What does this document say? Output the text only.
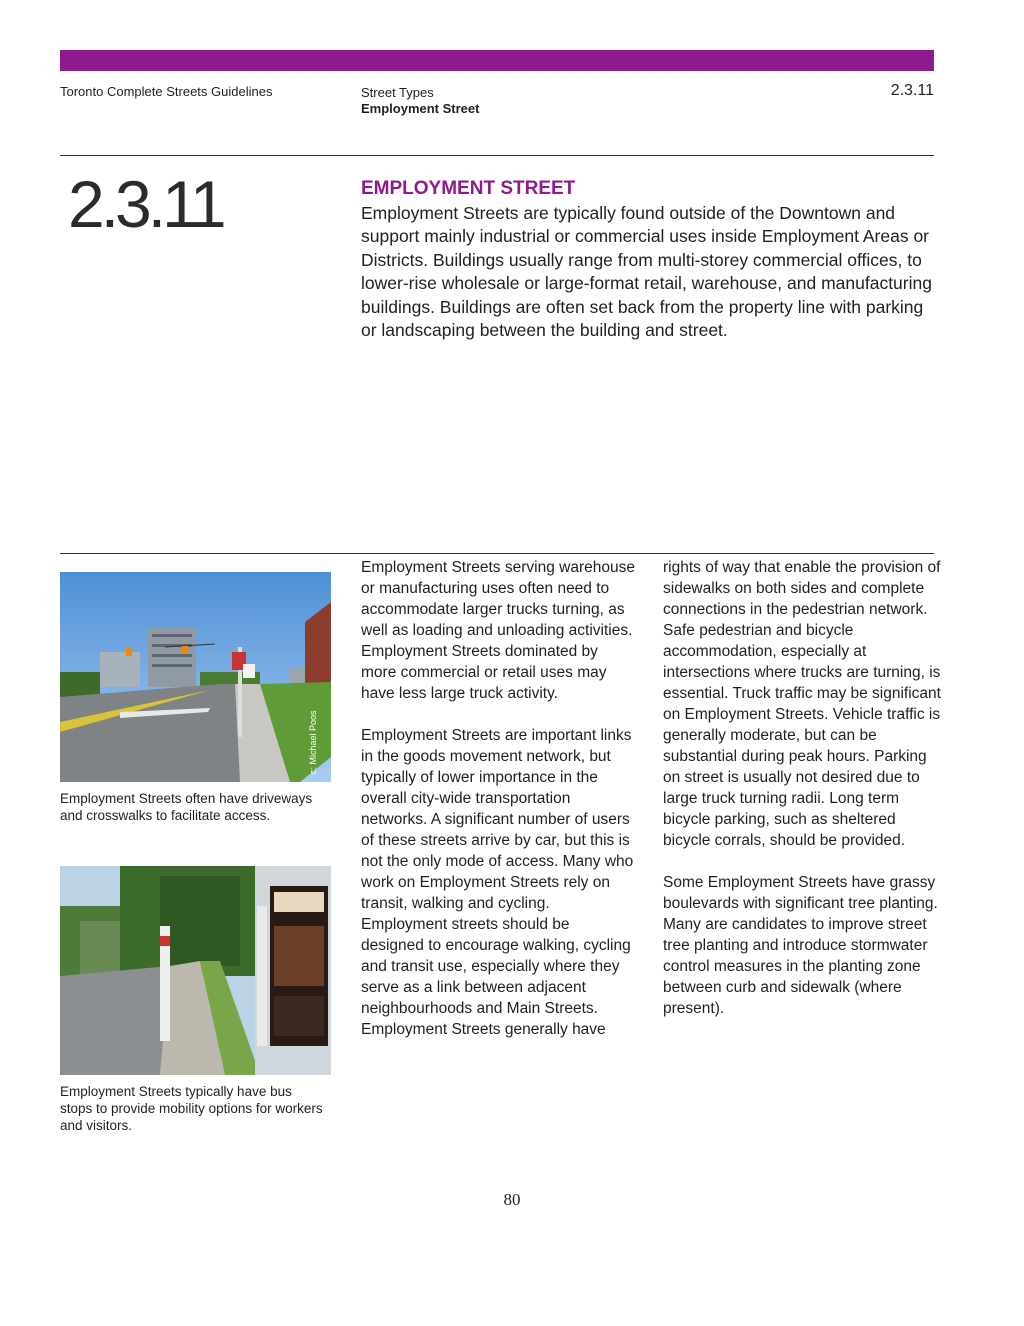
Toronto Complete Streets Guidelines	Street Types
Employment Street
2.3.11
2.3.11	EMPLOYMENT STREET

Employment Streets are typically found outside of the Downtown and support mainly industrial or commercial uses inside Employment Areas or Districts. Buildings usually range from multi-storey commercial offices, to lower-rise wholesale or large-format retail, warehouse, and manufacturing buildings. Buildings are often set back from the property line with parking or landscaping between the building and street.

c: Michael Poos
Employment Streets often have driveways and crosswalks to facilitate access.
Employment Streets typically have bus stops to provide mobility options for workers and visitors.

Employment Streets serving warehouse or manufacturing uses often need to accommodate larger trucks turning, as well as loading and unloading activities. Employment Streets dominated by more commercial or retail uses may have less large truck activity.

Employment Streets are important links in the goods movement network, but typically of lower importance in the overall city-wide transportation networks. A significant number of users of these streets arrive by car, but this is not the only mode of access. Many who work on Employment Streets rely on transit, walking and cycling. Employment streets should be designed to encourage walking, cycling and transit use, especially where they serve as a link between adjacent neighbourhoods and Main Streets. Employment Streets generally have

rights of way that enable the provision of sidewalks on both sides and complete connections in the pedestrian network. Safe pedestrian and bicycle accommodation, especially at intersections where trucks are turning, is essential. Truck traffic may be significant on Employment Streets. Vehicle traffic is generally moderate, but can be substantial during peak hours. Parking on street is usually not desired due to large truck turning radii. Long term bicycle parking, such as sheltered bicycle corrals, should be provided.

Some Employment Streets have grassy boulevards with significant tree planting. Many are candidates to improve street tree planting and introduce stormwater control measures in the planting zone between curb and sidewalk (where present).

80
